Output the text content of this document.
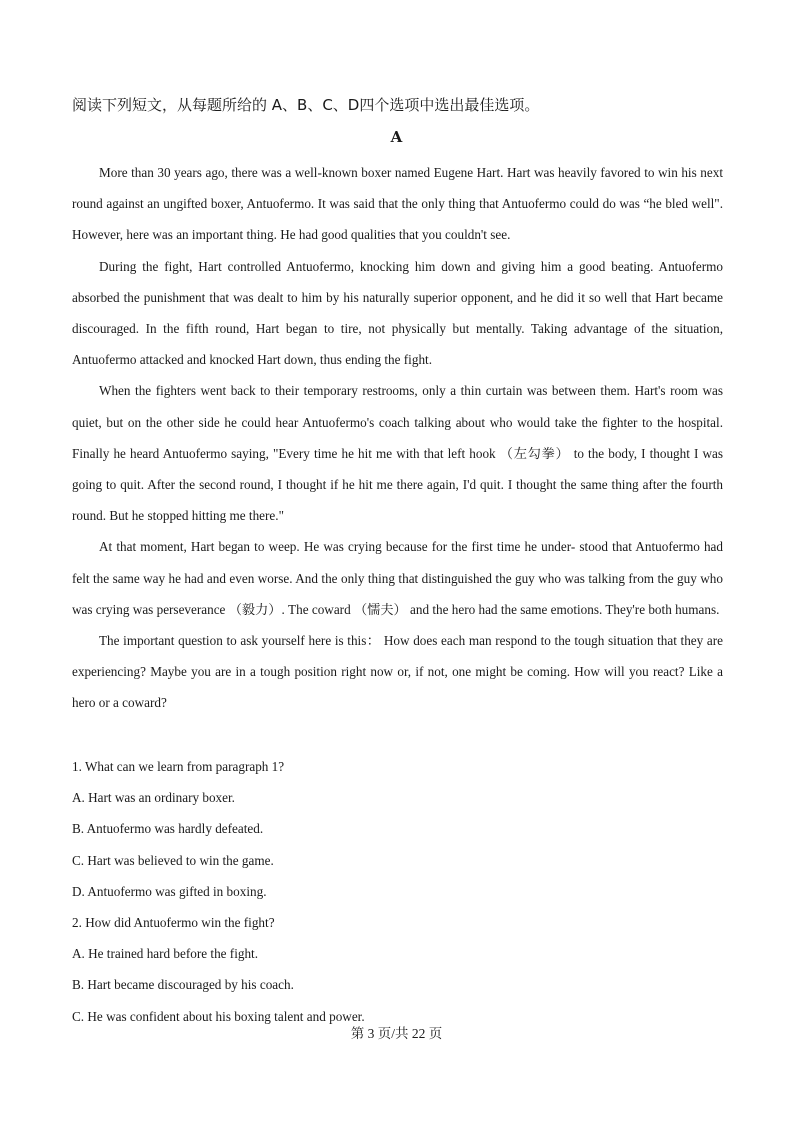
阅读下列短文，从每题所给的 A、B、C、D四个选项中选出最佳选项。
A

More than 30 years ago, there was a well-known boxer named Eugene Hart. Hart was heavily favored to win his next round against an ungifted boxer, Antuofermo. It was said that the only thing that Antuofermo could do was “he bled well". However, here was an important thing. He had good qualities that you couldn't see.

During the fight, Hart controlled Antuofermo, knocking him down and giving him a good beating. Antuofermo absorbed the punishment that was dealt to him by his naturally superior opponent, and he did it so well that Hart became discouraged. In the fifth round, Hart began to tire, not physically but mentally. Taking advantage of the situation, Antuofermo attacked and knocked Hart down, thus ending the fight.

When the fighters went back to their temporary restrooms, only a thin curtain was between them. Hart's room was quiet, but on the other side he could hear Antuofermo's coach talking about who would take the fighter to the hospital. Finally he heard Antuofermo saying, "Every time he hit me with that left hook （左勾拳） to the body, I thought I was going to quit. After the second round, I thought if he hit me there again, I'd quit. I thought the same thing after the fourth round. But he stopped hitting me there."

At that moment, Hart began to weep. He was crying because for the first time he under- stood that Antuofermo had felt the same way he had and even worse. And the only thing that distinguished the guy who was talking from the guy who was crying was perseverance （毅力）. The coward （懦夫） and the hero had the same emotions. They're both humans.

The important question to ask yourself here is this： How does each man respond to the tough situation that they are experiencing? Maybe you are in a tough position right now or, if not, one might be coming. How will you react? Like a hero or a coward?

1. What can we learn from paragraph 1?
A. Hart was an ordinary boxer.
B. Antuofermo was hardly defeated.
C. Hart was believed to win the game.
D. Antuofermo was gifted in boxing.
2. How did Antuofermo win the fight?
A. He trained hard before the fight.
B. Hart became discouraged by his coach.
C. He was confident about his boxing talent and power.
第 3 页/共 22 页
